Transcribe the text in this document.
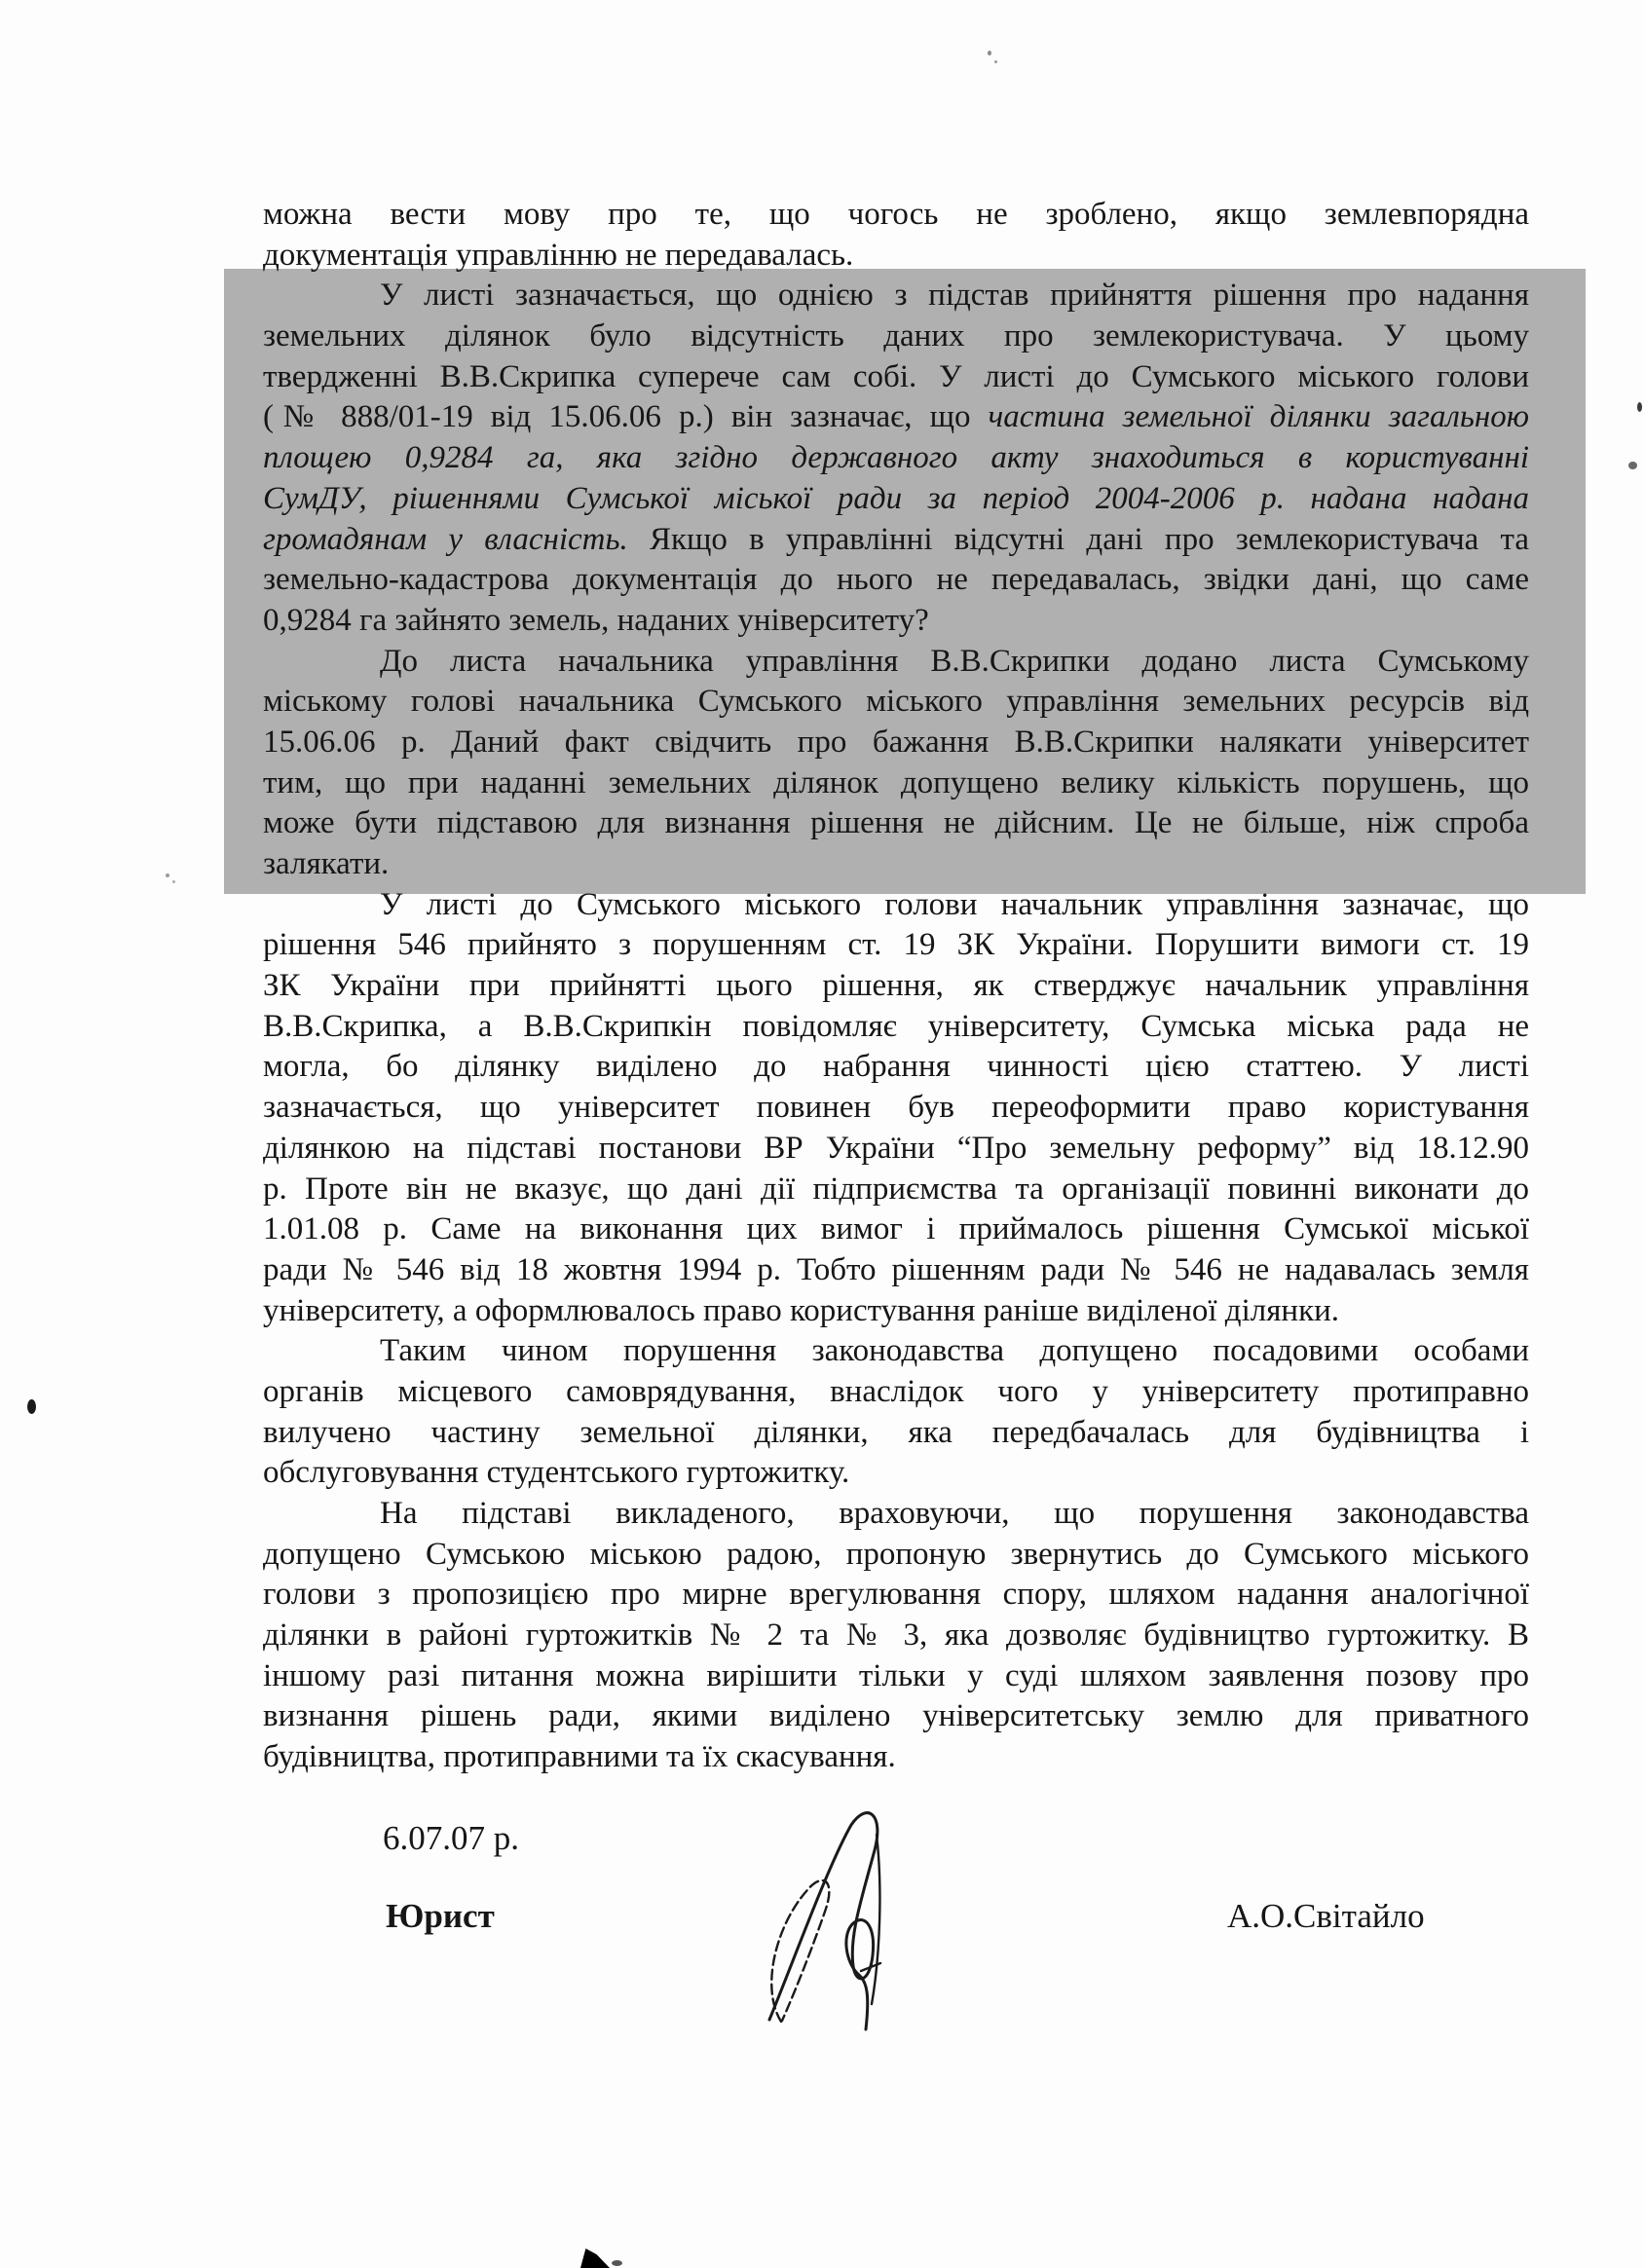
можна вести мову про те, що чогось не зроблено, якщо землевпорядна
документація управлінню не передавалась.
У листі зазначається, що однією з підстав прийняття рішення про надання
земельних ділянок було відсутність даних про землекористувача. У цьому
твердженні В.В.Скрипка суперече сам собі. У листі до Сумського міського голови
(№ 888/01-19 від 15.06.06 р.) він зазначає, що частина земельної ділянки загальною
площею 0,9284 га, яка згідно державного акту знаходиться в користуванні
СумДУ, рішеннями Сумської міської ради за період 2004-2006 р. надана надана
громадянам у власність. Якщо в управлінні відсутні дані про землекористувача та
земельно-кадастрова документація до нього не передавалась, звідки дані, що саме
0,9284 га зайнято земель, наданих університету?
До листа начальника управління В.В.Скрипки додано листа Сумському
міському голові начальника Сумського міського управління земельних ресурсів від
15.06.06 р. Даний факт свідчить про бажання В.В.Скрипки налякати університет
тим, що при наданні земельних ділянок допущено велику кількість порушень, що
може бути підставою для визнання рішення не дійсним. Це не більше, ніж спроба
залякати.
У листі до Сумського міського голови начальник управління зазначає, що
рішення 546 прийнято з порушенням ст. 19 ЗК України. Порушити вимоги ст. 19
ЗК України при прийнятті цього рішення, як стверджує начальник управління
В.В.Скрипка, а В.В.Скрипкін повідомляє університету, Сумська міська рада не
могла, бо ділянку виділено до набрання чинності цією статтею. У листі
зазначається, що університет повинен був переоформити право користування
ділянкою на підставі постанови ВР України “Про земельну реформу” від 18.12.90
р. Проте він не вказує, що дані дії підприємства та організації повинні виконати до
1.01.08 р. Саме на виконання цих вимог і приймалось рішення Сумської міської
ради № 546 від 18 жовтня 1994 р. Тобто рішенням ради № 546 не надавалась земля
університету, а оформлювалось право користування раніше виділеної ділянки.
Таким чином порушення законодавства допущено посадовими особами
органів місцевого самоврядування, внаслідок чого у університету протиправно
вилучено частину земельної ділянки, яка передбачалась для будівництва і
обслуговування студентського гуртожитку.
На підставі викладеного, враховуючи, що порушення законодавства
допущено Сумською міською радою, пропоную звернутись до Сумського міського
голови з пропозицією про мирне врегулювання спору, шляхом надання аналогічної
ділянки в районі гуртожитків № 2 та № 3, яка дозволяє будівництво гуртожитку. В
іншому разі питання можна вирішити тільки у суді шляхом заявлення позову про
визнання рішень ради, якими виділено університетську землю для приватного
будівництва, протиправними та їх скасування.
6.07.07 р.
Юрист	А.О.Світайло
